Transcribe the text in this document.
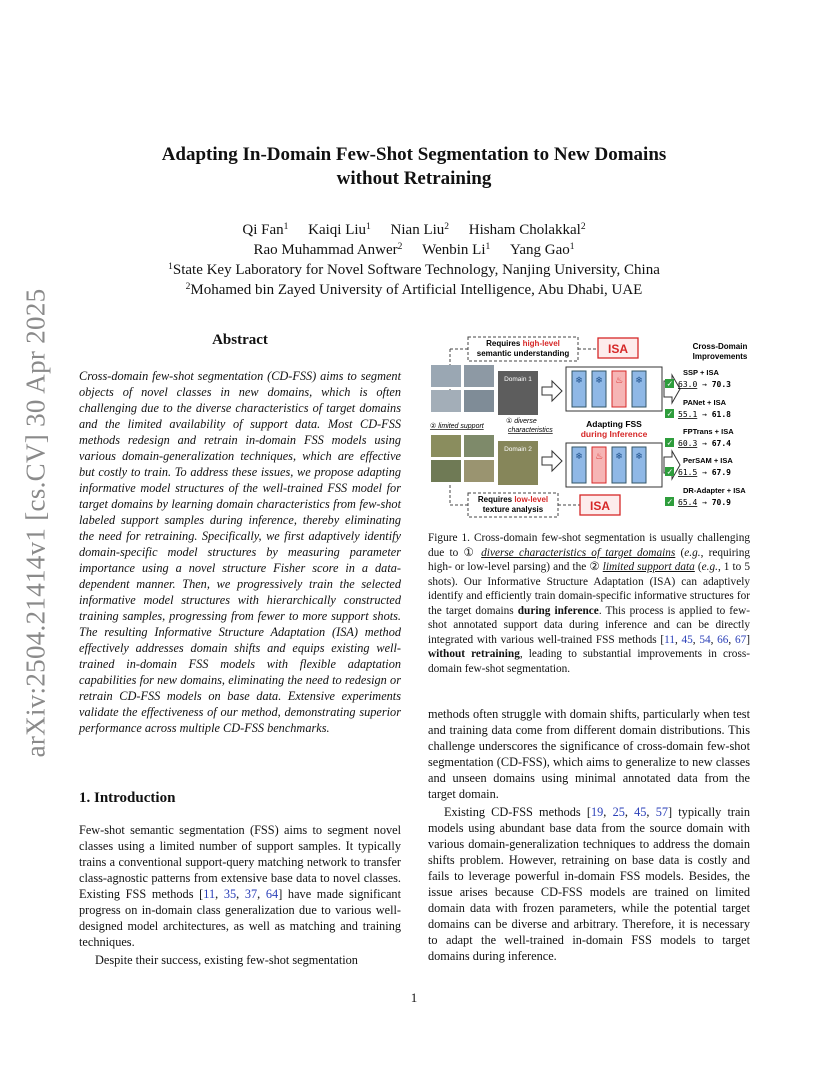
arXiv:2504.21414v1 [cs.CV] 30 Apr 2025
Adapting In-Domain Few-Shot Segmentation to New Domains
without Retraining
Qi Fan$^1$ Kaiqi Liu$^1$ Nian Liu$^2$ Hisham Cholakkal$^2$
Rao Muhammad Anwer$^2$ Wenbin Li$^1$ Yang Gao$^1$
$^1$State Key Laboratory for Novel Software Technology, Nanjing University, China
$^2$Mohamed bin Zayed University of Artificial Intelligence, Abu Dhabi, UAE
Abstract
Cross-domain few-shot segmentation (CD-FSS) aims to segment objects of novel classes in new domains, which is often challenging due to the diverse characteristics of target domains and the limited availability of support data. Most CD-FSS methods redesign and retrain in-domain FSS models using various domain-generalization techniques, which are effective but costly to train. To address these issues, we propose adapting informative model structures of the well-trained FSS model for target domains by learning domain characteristics from few-shot labeled support samples during inference, thereby eliminating the need for retraining. Specifically, we first adaptively identify domain-specific model structures by measuring parameter importance using a novel structure Fisher score in a data-dependent manner. Then, we progressively train the selected informative model structures with hierarchically constructed training samples, progressing from fewer to more support shots. The resulting Informative Structure Adaptation (ISA) method effectively addresses domain shifts and equips existing well-trained in-domain FSS models with flexible adaptation capabilities for new domains, eliminating the need to redesign or retrain CD-FSS models on base data. Extensive experiments validate the effectiveness of our method, demonstrating superior performance across multiple CD-FSS benchmarks.
1. Introduction

Few-shot semantic segmentation (FSS) aims to segment novel classes using a limited number of support samples. It typically trains a conventional support-query matching network to transfer class-agnostic patterns from extensive base data to novel classes. Existing FSS methods [11, 35, 37, 64] have made significant progress on in-domain class generalization due to various well-designed model architectures, as well as matching and training techniques.

Despite their success, existing few-shot segmentation

methods often struggle with domain shifts, particularly when test and training data come from different domain distributions. This challenge underscores the significance of cross-domain few-shot segmentation (CD-FSS), which aims to generalize to new classes and unseen domains using minimal annotated data from the target domain.

Existing CD-FSS methods [19, 25, 45, 57] typically train models using abundant base data from the source domain with various domain-generalization techniques to address the domain shifts problem. However, retraining on base data is costly and fails to leverage powerful in-domain FSS models. Besides, the issue arises because CD-FSS models are trained on limited domain data with frozen parameters, while the potential target domains can be diverse and arbitrary. Therefore, it is necessary to adapt the well-trained in-domain FSS models to target domains during inference.

Figure 1. Cross-domain few-shot segmentation is usually challenging due to ① diverse characteristics of target domains (e.g., requiring high- or low-level parsing) and the ② limited support data (e.g., 1 to 5 shots). Our Informative Structure Adaptation (ISA) can adaptively identify and efficiently train domain-specific informative structures for the target domains during inference. This process is applied to few-shot annotated support data during inference and can be directly integrated with various well-trained FSS methods [11, 45, 54, 66, 67] without retraining, leading to substantial improvements in cross-domain few-shot segmentation.
Requires high-level
semantic understanding	ISA
Domain 1
Domain 2
② limited support
① diverse
characteristics
❄ ❄ ♨ ❄
Adapting FSS
during Inference
❄ ♨ ❄ ❄
Requires low-level
texture analysis	ISA
Cross-Domain
Improvements
SSP + ISA
✓ 63.0 → 70.3
PANet + ISA
✓ 55.1 → 61.8
FPTrans + ISA
✓ 60.3 → 67.4
PerSAM + ISA
✓ 61.5 → 67.9
DR-Adapter + ISA
✓ 65.4 → 70.9
1
